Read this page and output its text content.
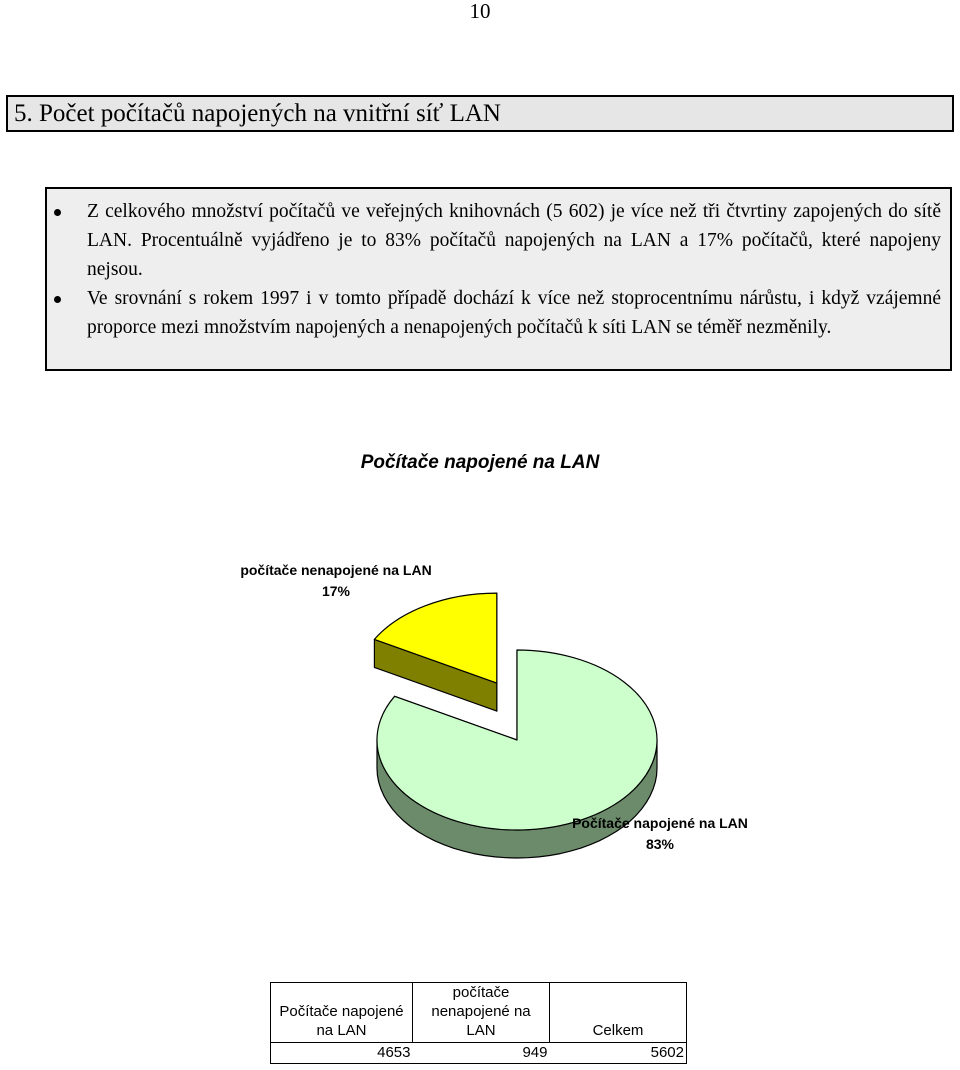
10
5. Počet počítačů napojených na vnitřní síť LAN
Z celkového množství počítačů ve veřejných knihovnách (5 602) je více než tři čtvrtiny zapojených do sítě LAN. Procentuálně vyjádřeno je to 83% počítačů napojených na LAN a 17% počítačů, které napojeny nejsou.
Ve srovnání s rokem 1997 i v tomto případě dochází k více než stoprocentnímu nárůstu, i když vzájemné proporce mezi množstvím napojených a nenapojených počítačů k síti LAN se téměř nezměnily.
Počítače napojené na LAN
počítače nenapojené na LAN
17%
Počítače napojené na LAN
83%
Počítače napojené na LAN	počítače nenapojené na LAN	Celkem
4653	949	5602
